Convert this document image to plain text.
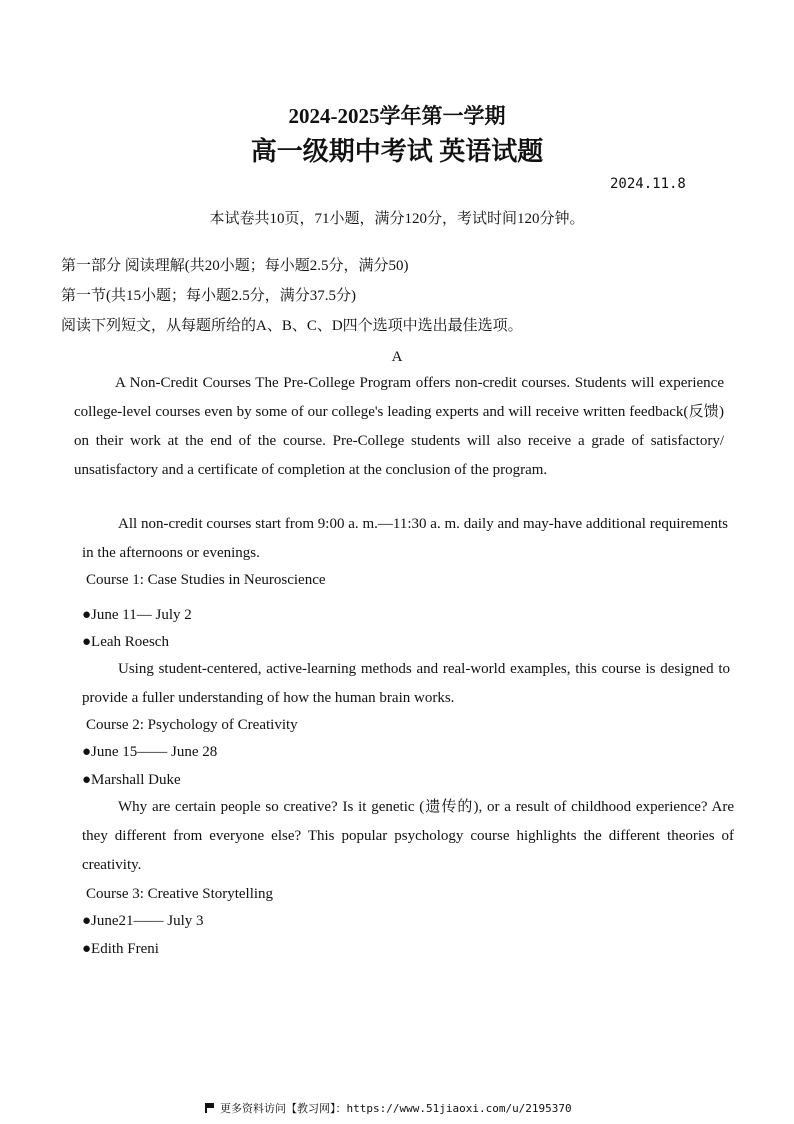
2024-2025学年第一学期
高一级期中考试 英语试题
2024.11.8
本试卷共10页，71小题，满分120分，考试时间120分钟。
第一部分 阅读理解(共20小题；每小题2.5分，满分50)
第一节(共15小题；每小题2.5分，满分37.5分)
阅读下列短文，从每题所给的A、B、C、D四个选项中选出最佳选项。
A

A Non-Credit Courses The Pre-College Program offers non-credit courses. Students will experience college-level courses even by some of our college's leading experts and will receive written feedback(反馈) on their work at the end of the course. Pre-College students will also receive a grade of satisfactory/ unsatisfactory and a certificate of completion at the conclusion of the program.

All non-credit courses start from 9:00 a. m.—11:30 a. m. daily and may-have additional requirements in the afternoons or evenings.

Course 1: Case Studies in Neuroscience
●June 11— July 2
●Leah Roesch

Using student-centered, active-learning methods and real-world examples, this course is designed to provide a fuller understanding of how the human brain works.

Course 2: Psychology of Creativity
●June 15—— June 28
●Marshall Duke

Why are certain people so creative? Is it genetic (遗传的), or a result of childhood experience? Are they different from everyone else? This popular psychology course highlights the different theories of creativity.

Course 3: Creative Storytelling
●June21—— July 3
●Edith Freni
更多资料访问【教习网】：https://www.51jiaoxi.com/u/2195370
